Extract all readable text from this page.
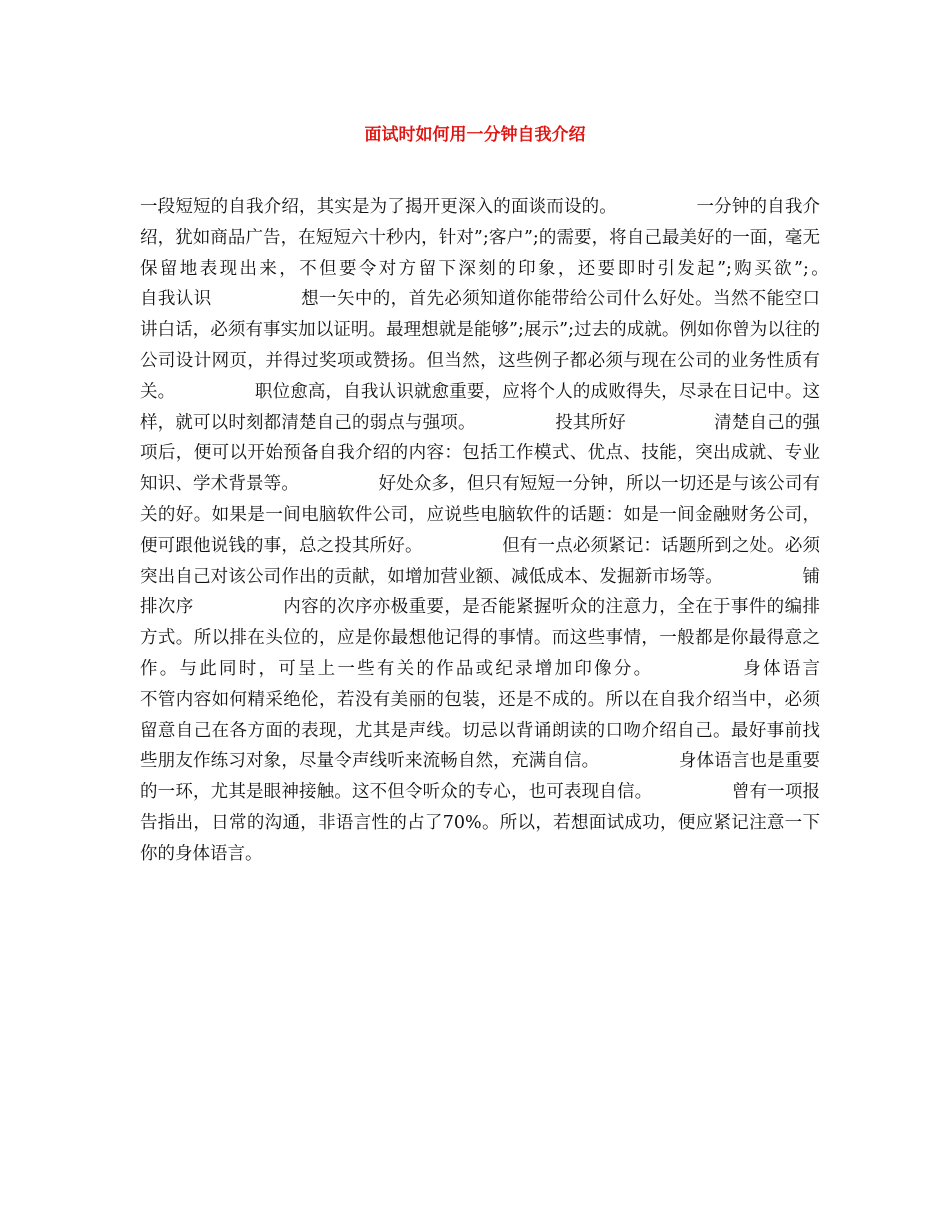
面试时如何用一分钟自我介绍
一段短短的自我介绍，其实是为了揭开更深入的面谈而设的。　　　　　一分钟的自我介绍，犹如商品广告，在短短六十秒内，针对”;客户”;的需要，将自己最美好的一面，毫无保留地表现出来，不但要令对方留下深刻的印象，还要即时引发起”;购买欲”;。　　　　　自我认识　　　　　想一矢中的，首先必须知道你能带给公司什么好处。当然不能空口讲白话，必须有事实加以证明。最理想就是能够”;展示”;过去的成就。例如你曾为以往的公司设计网页，并得过奖项或赞扬。但当然，这些例子都必须与现在公司的业务性质有关。　　　　　职位愈高，自我认识就愈重要，应将个人的成败得失，尽录在日记中。这样，就可以时刻都清楚自己的弱点与强项。　　　　　投其所好　　　　　清楚自己的强项后，便可以开始预备自我介绍的内容：包括工作模式、优点、技能，突出成就、专业知识、学术背景等。　　　　　好处众多，但只有短短一分钟，所以一切还是与该公司有关的好。如果是一间电脑软件公司，应说些电脑软件的话题：如是一间金融财务公司，便可跟他说钱的事，总之投其所好。　　　　　但有一点必须紧记：话题所到之处。必须突出自己对该公司作出的贡献，如增加营业额、减低成本、发掘新市场等。　　　　　铺排次序　　　　　内容的次序亦极重要，是否能紧握听众的注意力，全在于事件的编排方式。所以排在头位的，应是你最想他记得的事情。而这些事情，一般都是你最得意之作。与此同时，可呈上一些有关的作品或纪录增加印像分。　　　　　身体语言　　　　　不管内容如何精采绝伦，若没有美丽的包装，还是不成的。所以在自我介绍当中，必须留意自己在各方面的表现，尤其是声线。切忌以背诵朗读的口吻介绍自己。最好事前找些朋友作练习对象，尽量令声线听来流畅自然，充满自信。　　　　　身体语言也是重要的一环，尤其是眼神接触。这不但令听众的专心，也可表现自信。　　　　　曾有一项报告指出，日常的沟通，非语言性的占了70%。所以，若想面试成功，便应紧记注意一下你的身体语言。
